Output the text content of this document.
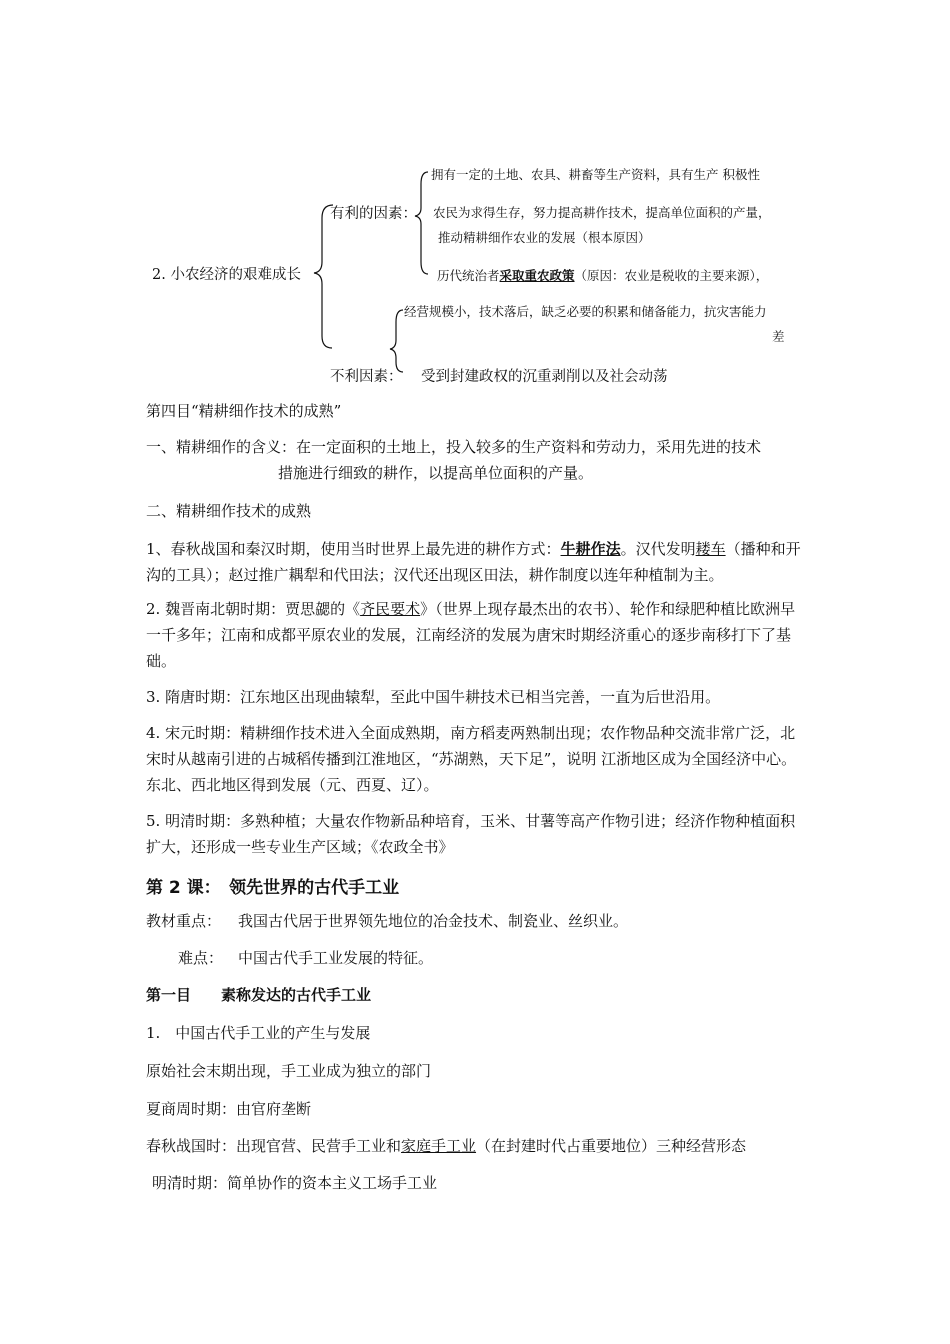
2. 小农经济的艰难成长
有利的因素：
拥有一定的土地、农具、耕畜等生产资料，具有生产 积极性
农民为求得生存，努力提高耕作技术，提高单位面积的产量，
推动精耕细作农业的发展（根本原因）
历代统治者采取重农政策（原因：农业是税收的主要来源），
经营规模小，技术落后，缺乏必要的积累和储备能力，抗灾害能力
差
不利因素： 受到封建政权的沉重剥削以及社会动荡
第四目“精耕细作技术的成熟”
一、精耕细作的含义：在一定面积的土地上，投入较多的生产资料和劳动力，采用先进的技术
措施进行细致的耕作，以提高单位面积的产量。
二、精耕细作技术的成熟
1、春秋战国和秦汉时期，使用当时世界上最先进的耕作方式：牛耕作法。汉代发明耧车（播种和开沟的工具）；赵过推广耦犁和代田法；汉代还出现区田法，耕作制度以连年种植制为主。
2. 魏晋南北朝时期：贾思勰的《齐民要术》（世界上现存最杰出的农书）、轮作和绿肥种植比欧洲早一千多年；江南和成都平原农业的发展，江南经济的发展为唐宋时期经济重心的逐步南移打下了基础。
3. 隋唐时期：江东地区出现曲辕犁，至此中国牛耕技术已相当完善，一直为后世沿用。
4. 宋元时期：精耕细作技术进入全面成熟期，南方稻麦两熟制出现；农作物品种交流非常广泛，北宋时从越南引进的占城稻传播到江淮地区，“苏湖熟，天下足”，说明 江浙地区成为全国经济中心。东北、西北地区得到发展（元、西夏、辽）。
5. 明清时期：多熟种植；大量农作物新品种培育，玉米、甘薯等高产作物引进；经济作物种植面积扩大，还形成一些专业生产区域；《农政全书》
第 2 课：　领先世界的古代手工业
教材重点： 我国古代居于世界领先地位的冶金技术、制瓷业、丝织业。
难点： 中国古代手工业发展的特征。
第一目　　素称发达的古代手工业
1.　中国古代手工业的产生与发展
原始社会末期出现，手工业成为独立的部门
夏商周时期：由官府垄断
春秋战国时：出现官营、民营手工业和家庭手工业（在封建时代占重要地位）三种经营形态
明清时期：简单协作的资本主义工场手工业
